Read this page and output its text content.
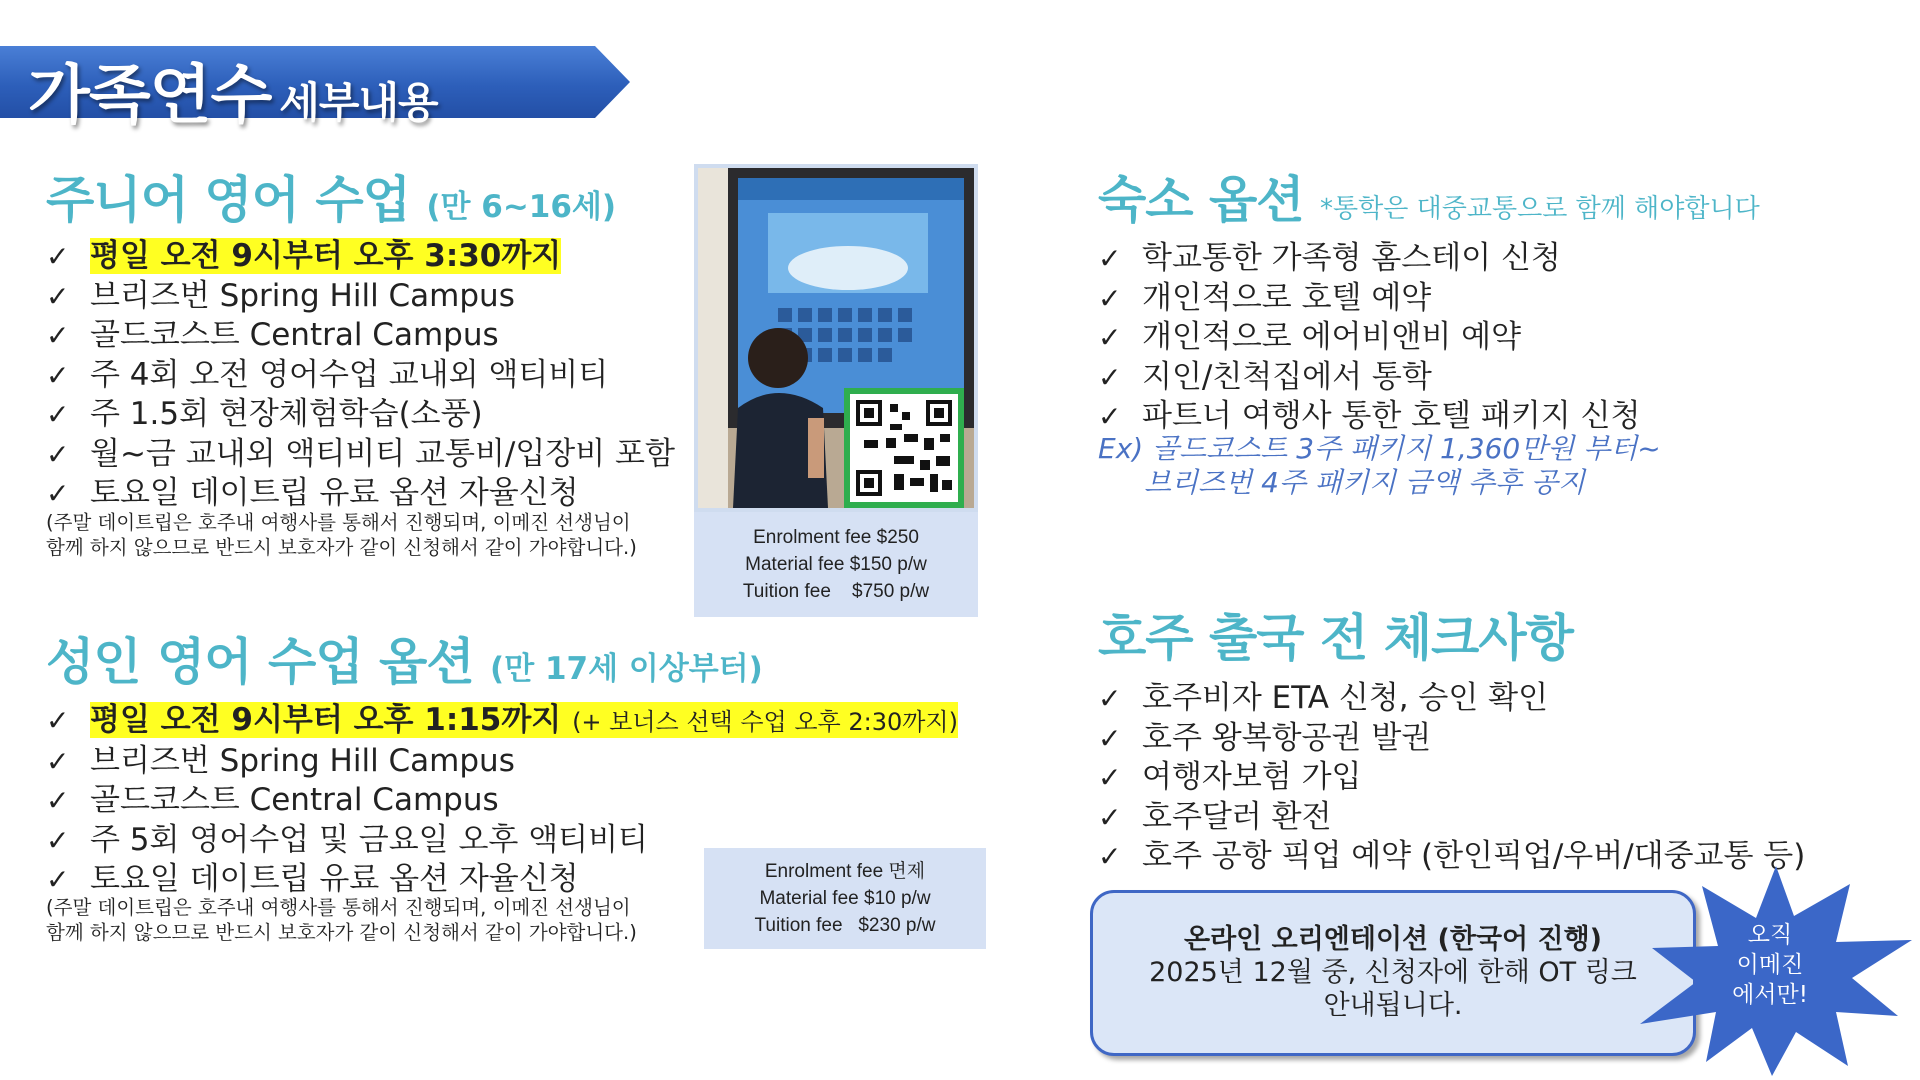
가족연수 세부내용
주니어 영어 수업 (만 6~16세)
✓ 평일 오전 9시부터 오후 3:30까지
✓ 브리즈번 Spring Hill Campus
✓ 골드코스트 Central Campus
✓ 주 4회 오전 영어수업 교내외 액티비티
✓ 주 1.5회 현장체험학습(소풍)
✓ 월~금 교내외 액티비티 교통비/입장비 포함
✓ 토요일 데이트립 유료 옵션 자율신청
(주말 데이트립은 호주내 여행사를 통해서 진행되며, 이메진 선생님이
함께 하지 않으므로 반드시 보호자가 같이 신청해서 같이 가야합니다.)	Enrolment fee $250
Material fee $150 p/w
Tuition fee    $750 p/w
성인 영어 수업 옵션 (만 17세 이상부터)
✓ 평일 오전 9시부터 오후 1:15까지 (+ 보너스 선택 수업 오후 2:30까지)
✓ 브리즈번 Spring Hill Campus
✓ 골드코스트 Central Campus
✓ 주 5회 영어수업 및 금요일 오후 액티비티
✓ 토요일 데이트립 유료 옵션 자율신청
(주말 데이트립은 호주내 여행사를 통해서 진행되며, 이메진 선생님이
함께 하지 않으므로 반드시 보호자가 같이 신청해서 같이 가야합니다.)
Enrolment fee 면제
Material fee $10 p/w
Tuition fee   $230 p/w
숙소 옵션 *통학은 대중교통으로 함께 해야합니다
✓ 학교통한 가족형 홈스테이 신청
✓ 개인적으로 호텔 예약
✓ 개인적으로 에어비앤비 예약
✓ 지인/친척집에서 통학
✓ 파트너 여행사 통한 호텔 패키지 신청
Ex) 골드코스트 3주 패키지 1,360만원 부터~
브리즈번 4주 패키지 금액 추후 공지
호주 출국 전 체크사항
✓ 호주비자 ETA 신청, 승인 확인
✓ 호주 왕복항공권 발권
✓ 여행자보험 가입
✓ 호주달러 환전
✓ 호주 공항 픽업 예약 (한인픽업/우버/대중교통 등)
온라인 오리엔테이션 (한국어 진행)
2025년 12월 중, 신청자에 한해 OT 링크
안내됩니다.
오직
이메진
에서만!
